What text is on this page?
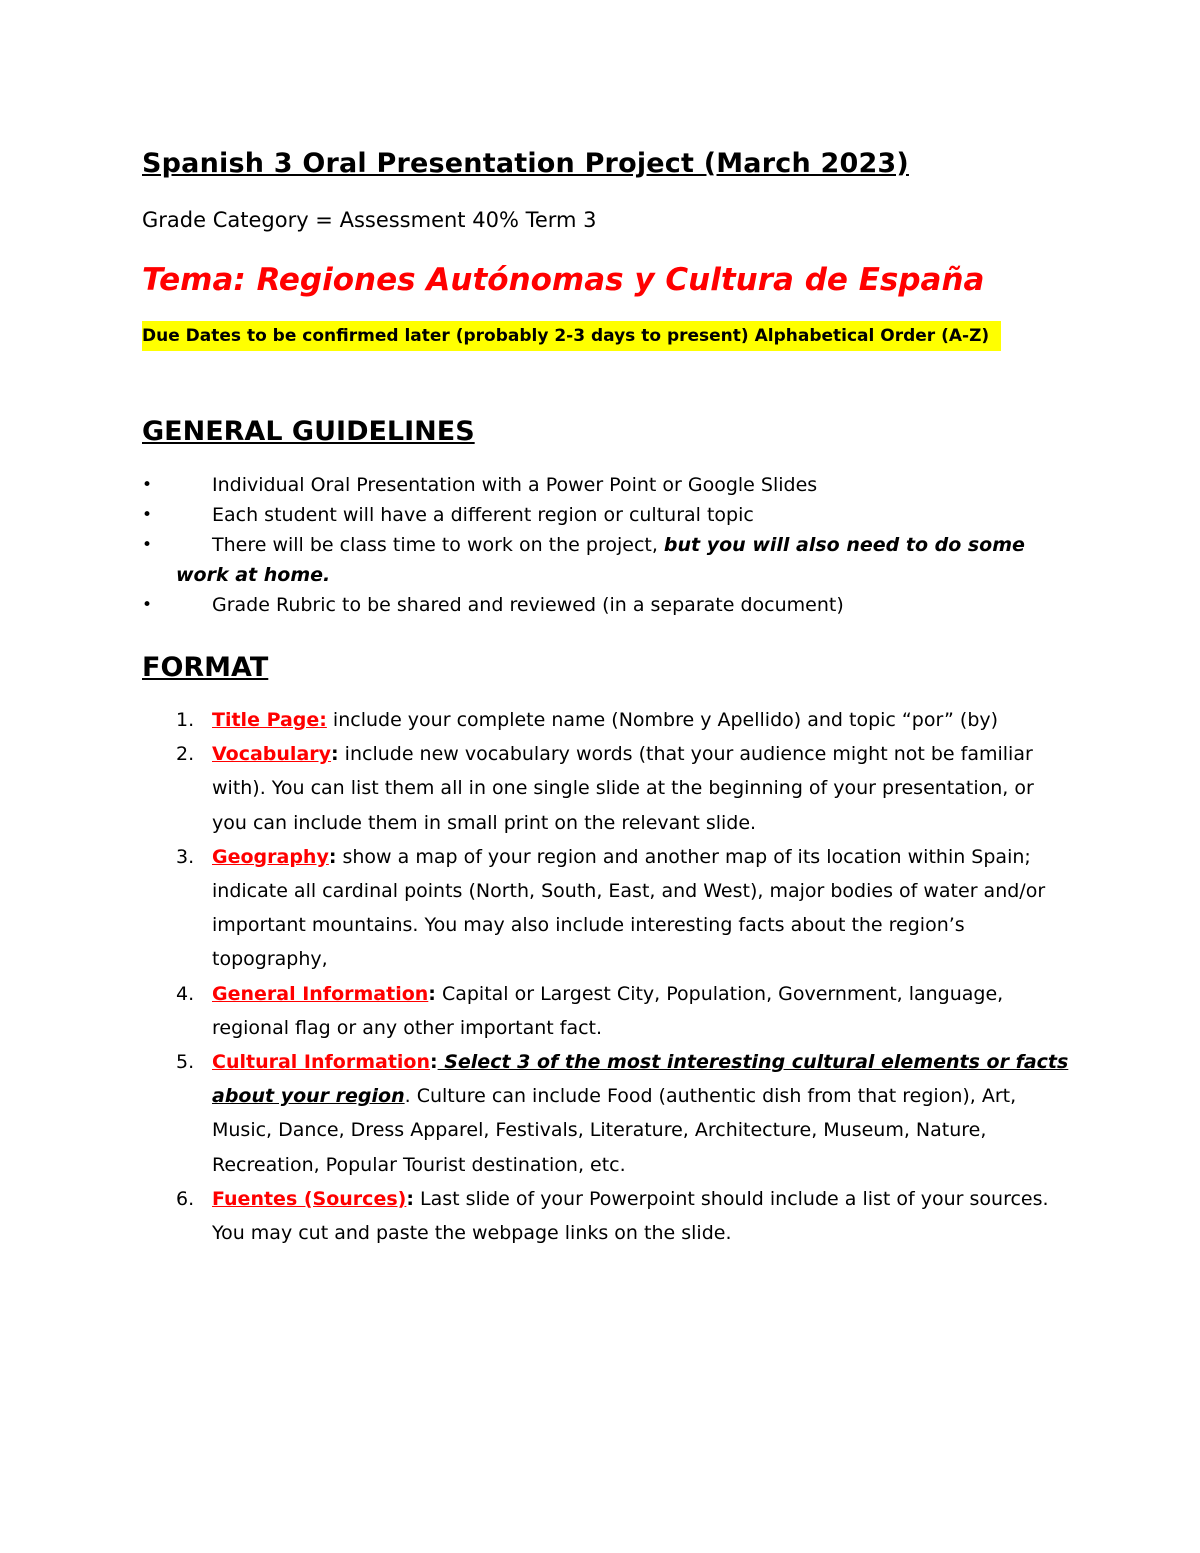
Spanish 3 Oral Presentation Project (March 2023)
Grade Category = Assessment 40% Term 3
Tema: Regiones Autónomas y Cultura de España
Due Dates to be confirmed later (probably 2-3 days to present) Alphabetical Order (A-Z)
GENERAL GUIDELINES
•	Individual Oral Presentation with a Power Point or Google Slides
•	Each student will have a different region or cultural topic
•	There will be class time to work on the project, but you will also need to do some
work at home.
•	Grade Rubric to be shared and reviewed (in a separate document)
FORMAT
1. Title Page: include your complete name (Nombre y Apellido) and topic “por” (by)
2. Vocabulary: include new vocabulary words (that your audience might not be familiar with). You can list them all in one single slide at the beginning of your presentation, or you can include them in small print on the relevant slide.
3. Geography: show a map of your region and another map of its location within Spain; indicate all cardinal points (North, South, East, and West), major bodies of water and/or important mountains. You may also include interesting facts about the region’s topography,
4. General Information: Capital or Largest City, Population, Government, language, regional flag or any other important fact.
5. Cultural Information: Select 3 of the most interesting cultural elements or facts about your region. Culture can include Food (authentic dish from that region), Art, Music, Dance, Dress Apparel, Festivals, Literature, Architecture, Museum, Nature, Recreation, Popular Tourist destination, etc.
6. Fuentes (Sources): Last slide of your Powerpoint should include a list of your sources. You may cut and paste the webpage links on the slide.
